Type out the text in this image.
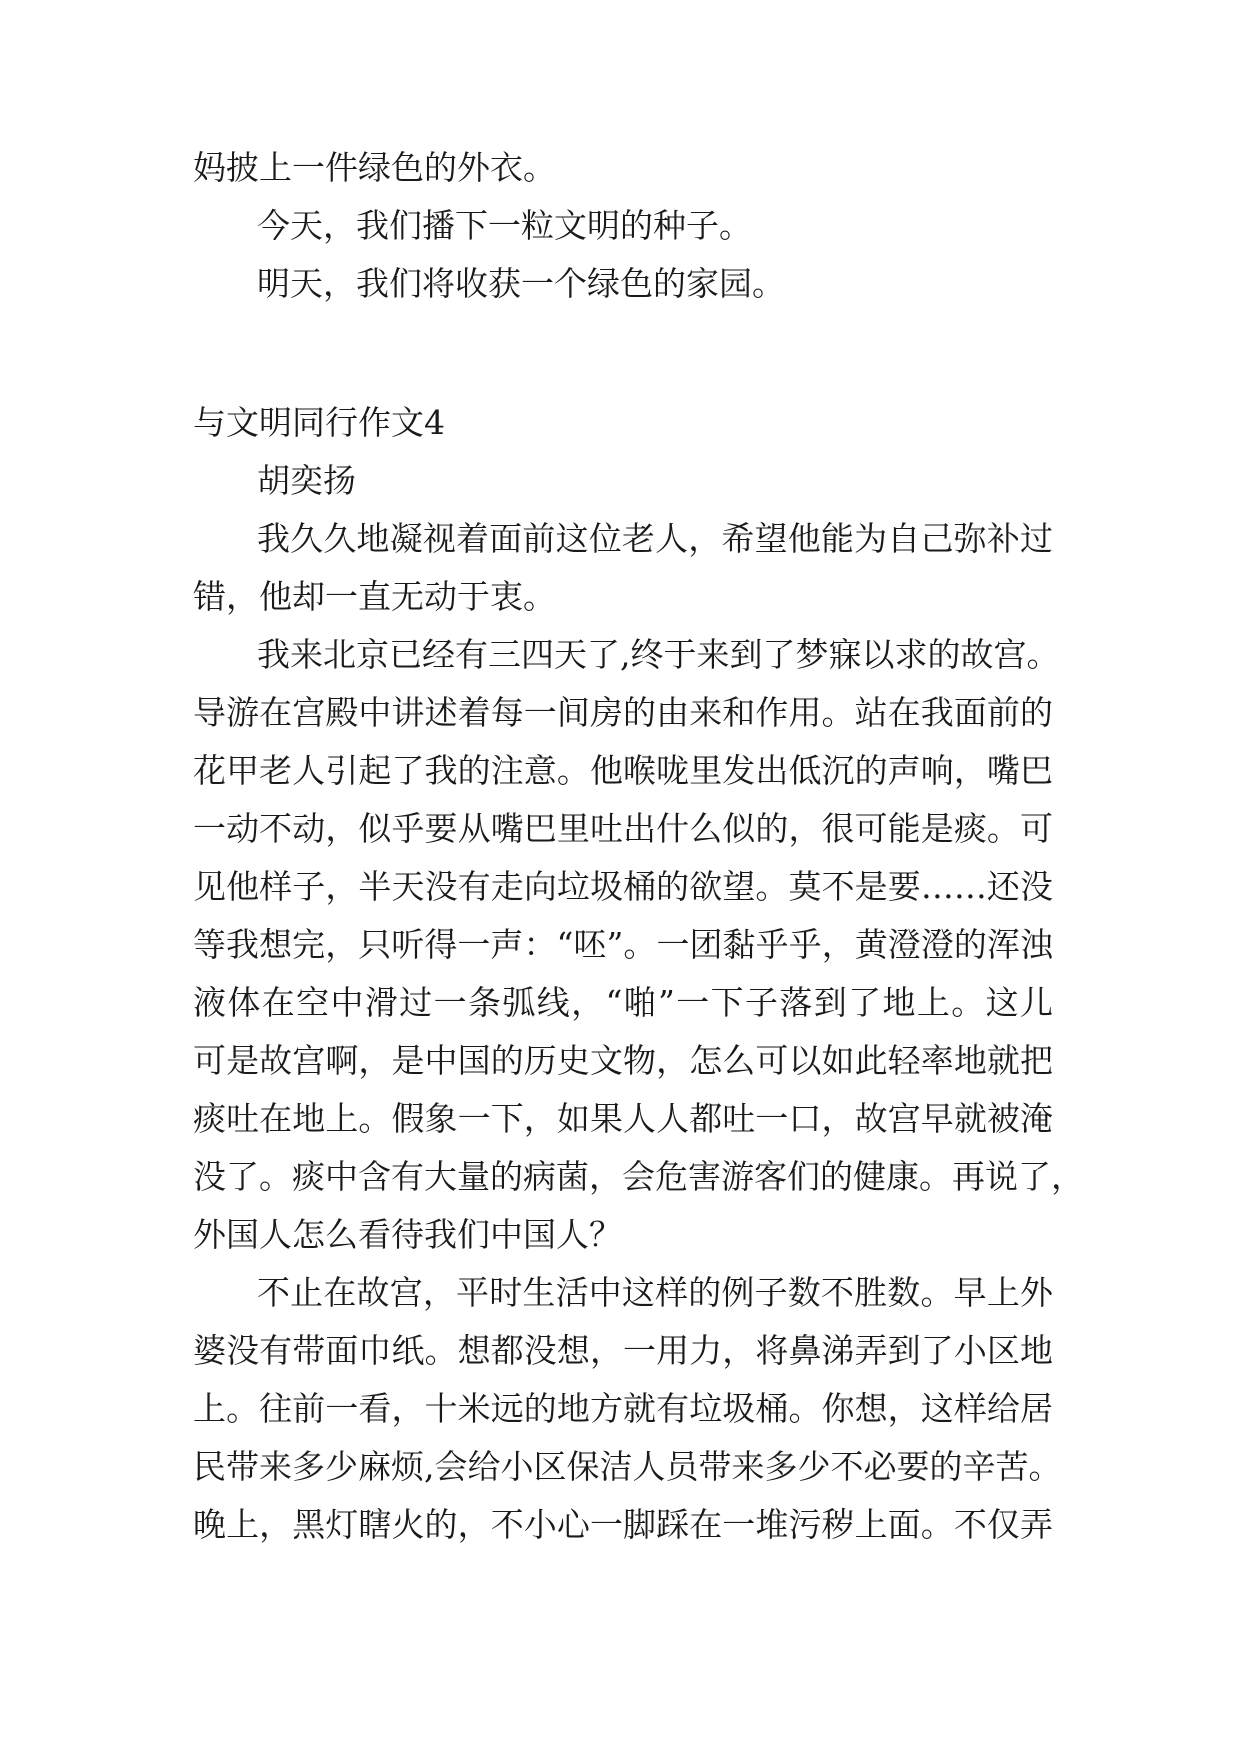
妈披上一件绿色的外衣。

今天，我们播下一粒文明的种子。

明天，我们将收获一个绿色的家园。

与文明同行作文4

胡奕扬

我久久地凝视着面前这位老人，希望他能为自己弥补过

错，他却一直无动于衷。

我来北京已经有三四天了,终于来到了梦寐以求的故宫。

导游在宫殿中讲述着每一间房的由来和作用。站在我面前的

花甲老人引起了我的注意。他喉咙里发出低沉的声响，嘴巴

一动不动，似乎要从嘴巴里吐出什么似的，很可能是痰。可

见他样子，半天没有走向垃圾桶的欲望。莫不是要……还没

等我想完，只听得一声：“呸”。一团黏乎乎，黄澄澄的浑浊

液体在空中滑过一条弧线，“啪”一下子落到了地上。这儿

可是故宫啊，是中国的历史文物，怎么可以如此轻率地就把

痰吐在地上。假象一下，如果人人都吐一口，故宫早就被淹

没了。痰中含有大量的病菌，会危害游客们的健康。再说了，

外国人怎么看待我们中国人？

不止在故宫，平时生活中这样的例子数不胜数。早上外

婆没有带面巾纸。想都没想，一用力，将鼻涕弄到了小区地

上。往前一看，十米远的地方就有垃圾桶。你想，这样给居

民带来多少麻烦,会给小区保洁人员带来多少不必要的辛苦。

晚上，黑灯瞎火的，不小心一脚踩在一堆污秽上面。不仅弄
